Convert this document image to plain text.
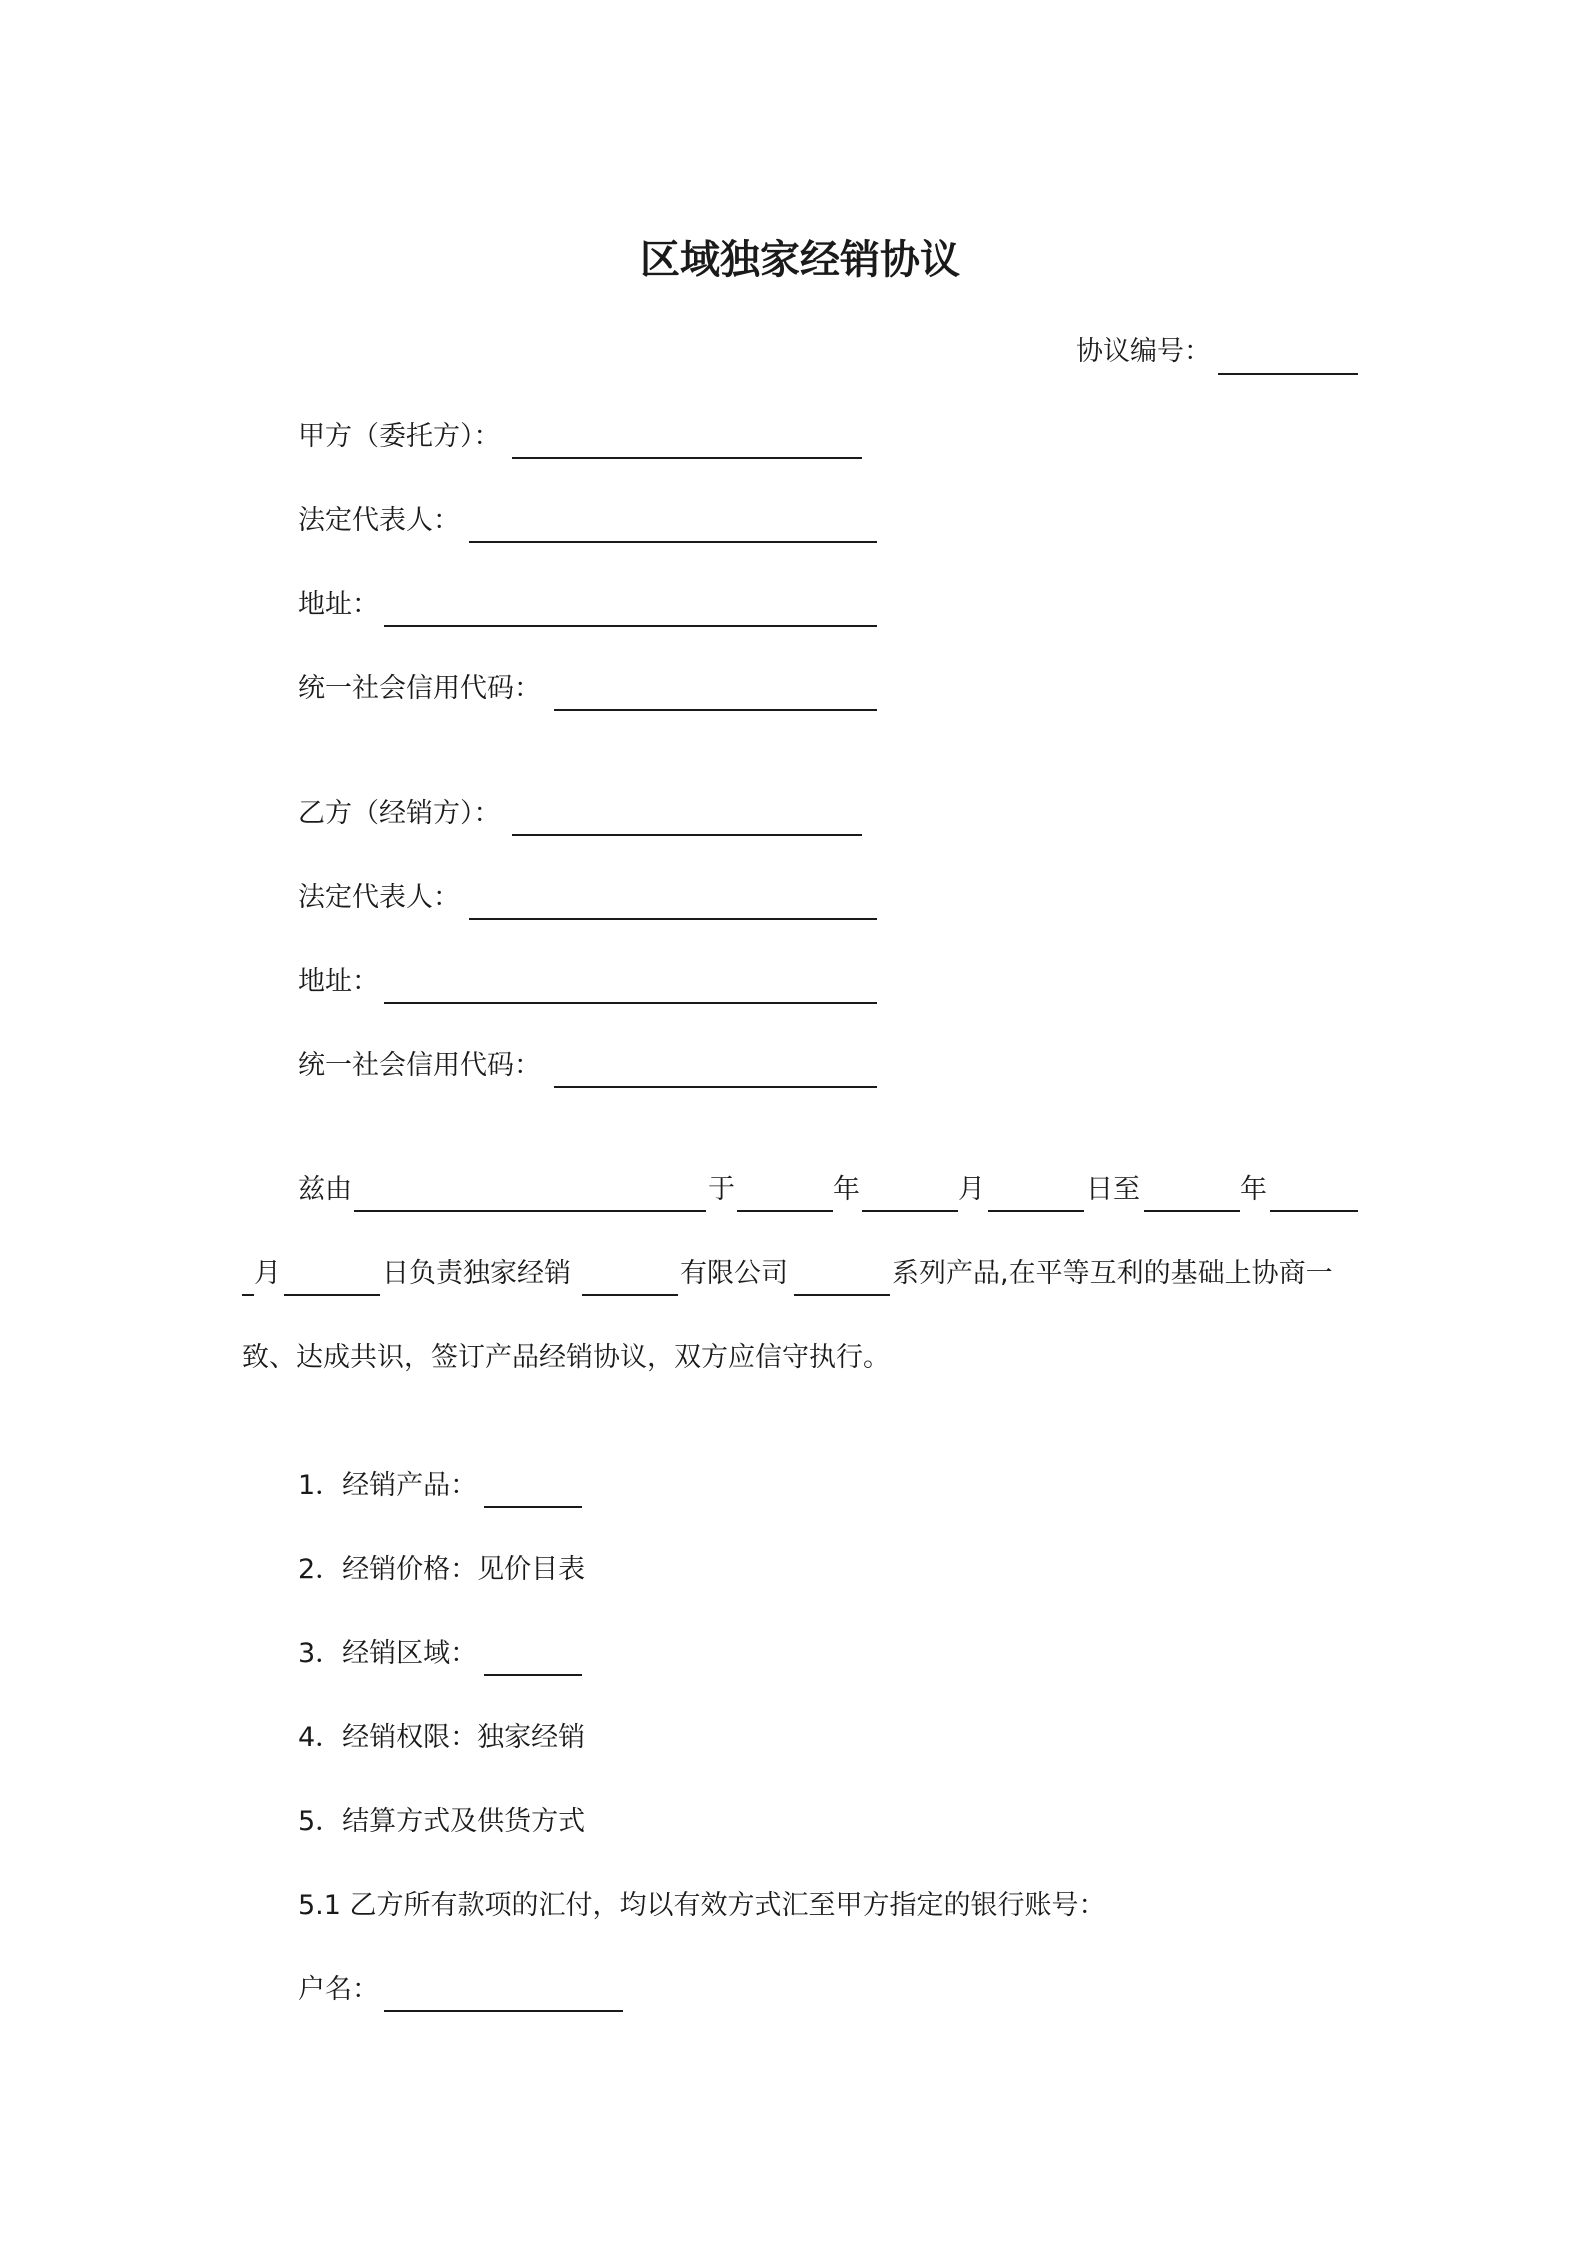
区域独家经销协议
协议编号：
甲方（委托方）：
法定代表人：
地址：
统一社会信用代码：
乙方（经销方）：
法定代表人：
地址：
统一社会信用代码：
兹由	于	年	月	日至	年
月	日负责独家经销	有限公司	系列产品,在平等互利的基础上协商一
致、达成共识，签订产品经销协议，双方应信守执行。
1．经销产品：
2．经销价格：见价目表
3．经销区域：
4．经销权限：独家经销
5．结算方式及供货方式
5.1 乙方所有款项的汇付，均以有效方式汇至甲方指定的银行账号：
户名：
